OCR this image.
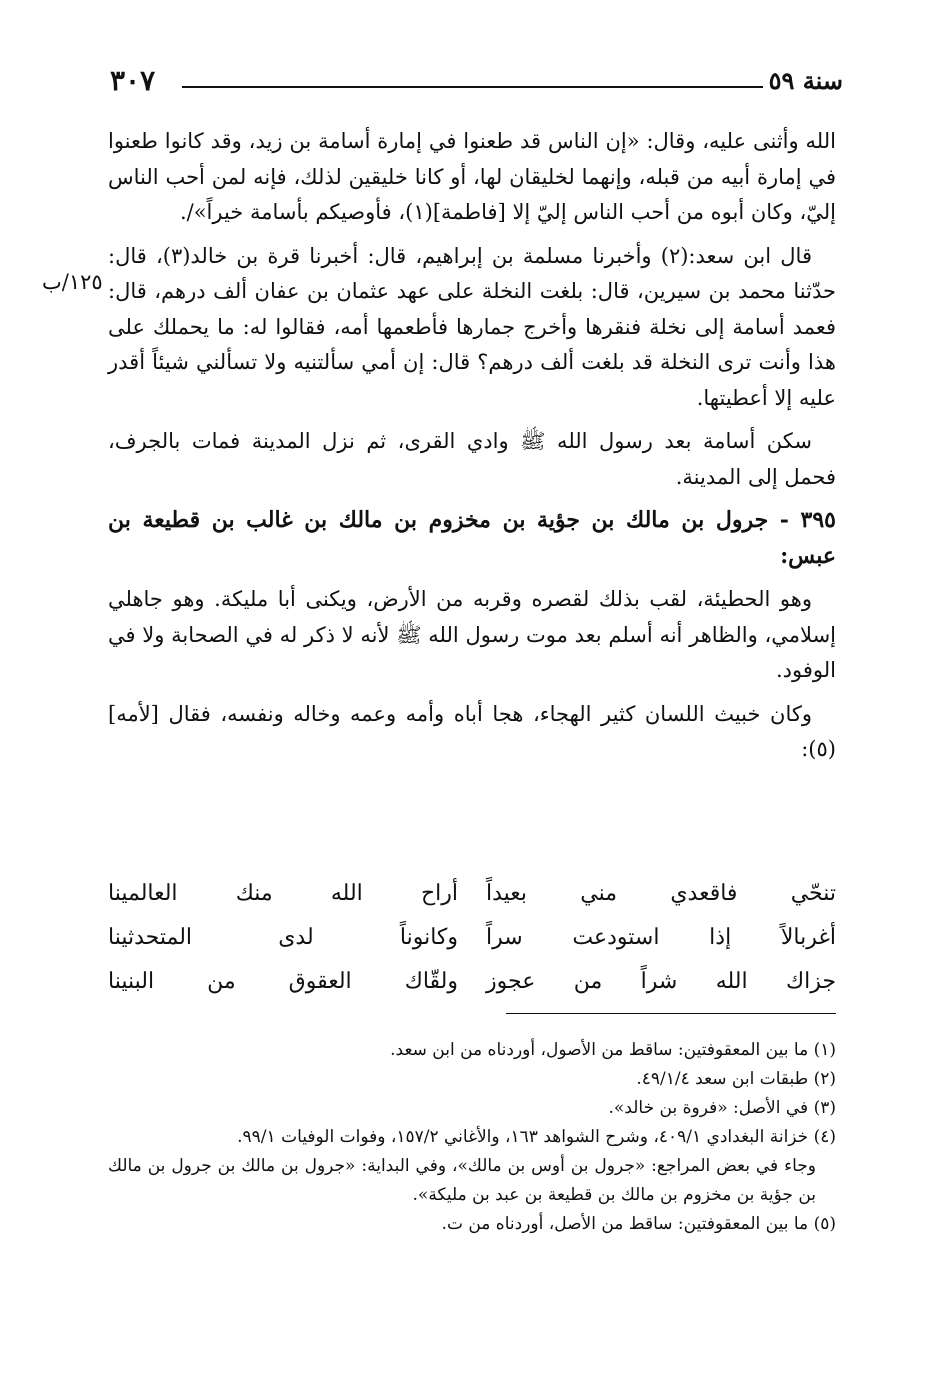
سنة ٥٩
٣٠٧
١٢٥/ب

الله وأثنى عليه، وقال: «إن الناس قد طعنوا في إمارة أسامة بن زيد، وقد كانوا طعنوا في إمارة أبيه من قبله، وإنهما لخليقان لها، أو كانا خليقين لذلك، فإنه لمن أحب الناس إليّ، وكان أبوه من أحب الناس إليّ إلا [فاطمة](١)، فأوصيكم بأسامة خيراً»/.

قال ابن سعد:(٢) وأخبرنا مسلمة بن إبراهيم، قال: أخبرنا قرة بن خالد(٣)، قال: حدّثنا محمد بن سيرين، قال: بلغت النخلة على عهد عثمان بن عفان ألف درهم، قال: فعمد أسامة إلى نخلة فنقرها وأخرج جمارها فأطعمها أمه، فقالوا له: ما يحملك على هذا وأنت ترى النخلة قد بلغت ألف درهم؟ قال: إن أمي سألتنيه ولا تسألني شيئاً أقدر عليه إلا أعطيتها.

سكن أسامة بعد رسول الله ﷺ وادي القرى، ثم نزل المدينة فمات بالجرف، فحمل إلى المدينة.

٣٩٥ - جرول بن مالك بن جؤية بن مخزوم بن مالك بن غالب بن قطيعة بن عبس:

وهو الحطيئة، لقب بذلك لقصره وقربه من الأرض، ويكنى أبا مليكة. وهو جاهلي إسلامي، والظاهر أنه أسلم بعد موت رسول الله ﷺ لأنه لا ذكر له في الصحابة ولا في الوفود.

وكان خبيث اللسان كثير الهجاء، هجا أباه وأمه وعمه وخاله ونفسه، فقال [لأمه](٥):

تنحّي فاقعدي مني بعيداً
أراح الله منك العالمينا
أغربالاً إذا استودعت سراً
وكانوناً لدى المتحدثينا
جزاك الله شراً من عجوز
ولقّاك العقوق من البنينا

(١) ما بين المعقوفتين: ساقط من الأصول، أوردناه من ابن سعد.

(٢) طبقات ابن سعد ٤٩/١/٤.

(٣) في الأصل: «فروة بن خالد».

(٤) خزانة البغدادي ٤٠٩/١، وشرح الشواهد ١٦٣، والأغاني ١٥٧/٢، وفوات الوفيات ٩٩/١.

وجاء في بعض المراجع: «جرول بن أوس بن مالك»، وفي البداية: «جرول بن مالك بن جرول بن مالك بن جؤية بن مخزوم بن مالك بن قطيعة بن عبد بن مليكة».

(٥) ما بين المعقوفتين: ساقط من الأصل، أوردناه من ت.
